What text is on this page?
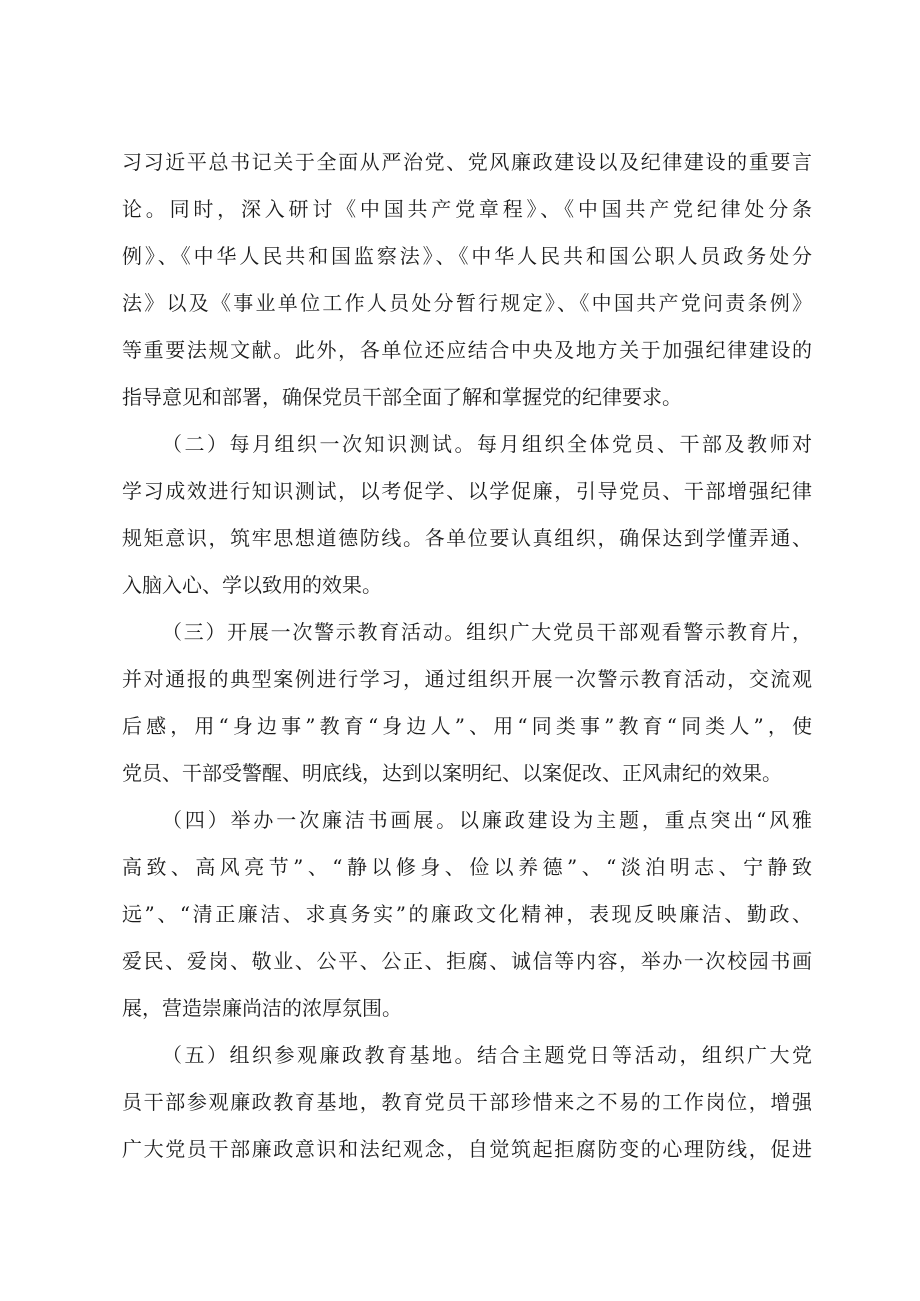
习习近平总书记关于全面从严治党、党风廉政建设以及纪律建设的重要言
论。同时，深入研讨《中国共产党章程》、《中国共产党纪律处分条
例》、《中华人民共和国监察法》、《中华人民共和国公职人员政务处分
法》以及《事业单位工作人员处分暂行规定》、《中国共产党问责条例》
等重要法规文献。此外，各单位还应结合中央及地方关于加强纪律建设的
指导意见和部署，确保党员干部全面了解和掌握党的纪律要求。
（二）每月组织一次知识测试。每月组织全体党员、干部及教师对
学习成效进行知识测试，以考促学、以学促廉，引导党员、干部增强纪律
规矩意识，筑牢思想道德防线。各单位要认真组织，确保达到学懂弄通、
入脑入心、学以致用的效果。
（三）开展一次警示教育活动。组织广大党员干部观看警示教育片，
并对通报的典型案例进行学习，通过组织开展一次警示教育活动，交流观
后感，用“身边事”教育“身边人”、用“同类事”教育“同类人”，使
党员、干部受警醒、明底线，达到以案明纪、以案促改、正风肃纪的效果。
（四）举办一次廉洁书画展。以廉政建设为主题，重点突出“风雅
高致、高风亮节”、“静以修身、俭以养德”、“淡泊明志、宁静致
远”、“清正廉洁、求真务实”的廉政文化精神，表现反映廉洁、勤政、
爱民、爱岗、敬业、公平、公正、拒腐、诚信等内容，举办一次校园书画
展，营造崇廉尚洁的浓厚氛围。
（五）组织参观廉政教育基地。结合主题党日等活动，组织广大党
员干部参观廉政教育基地，教育党员干部珍惜来之不易的工作岗位，增强
广大党员干部廉政意识和法纪观念，自觉筑起拒腐防变的心理防线，促进
